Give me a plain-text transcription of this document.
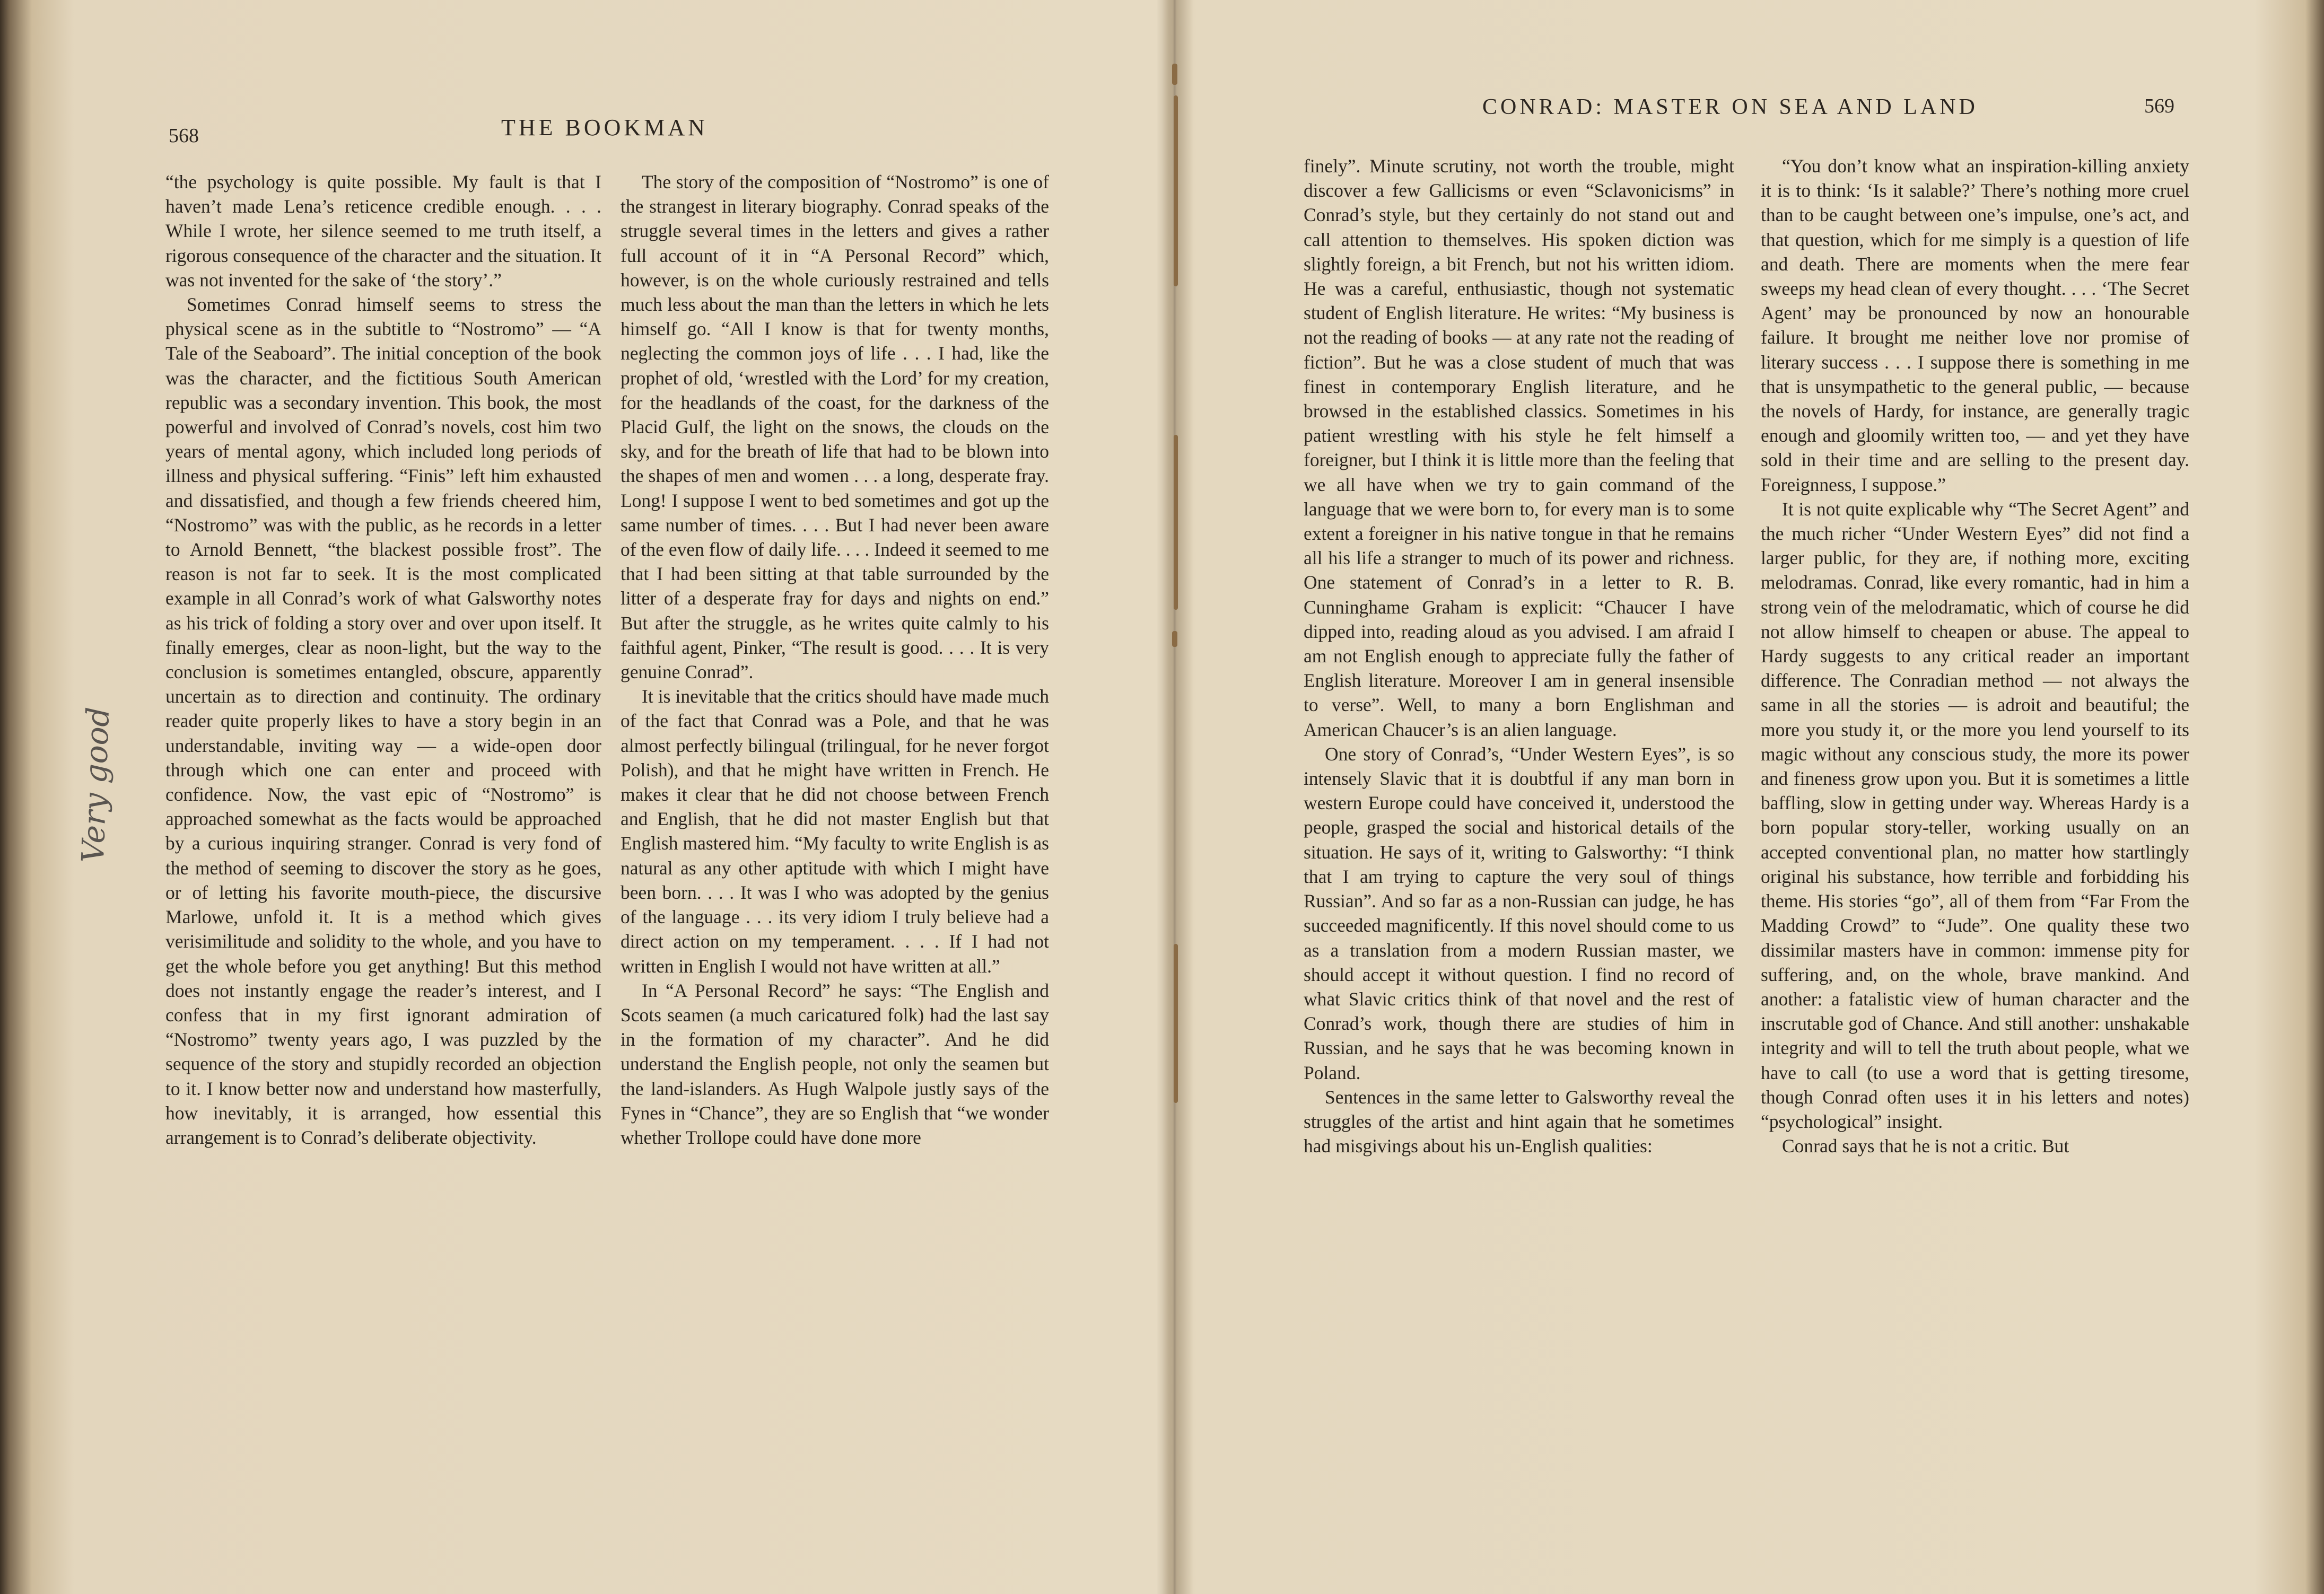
568	THE BOOKMAN
Very good

“the psychology is quite possible. My fault is that I haven’t made Lena’s reticence credible enough. . . . While I wrote, her silence seemed to me truth itself, a rigorous consequence of the character and the situation. It was not invented for the sake of ‘the story’.”

Sometimes Conrad himself seems to stress the physical scene as in the subtitle to “Nostromo” — “A Tale of the Seaboard”. The initial conception of the book was the character, and the fictitious South American republic was a secondary invention. This book, the most powerful and involved of Conrad’s novels, cost him two years of mental agony, which included long periods of illness and physical suffering. “Finis” left him exhausted and dissatisfied, and though a few friends cheered him, “Nostromo” was with the public, as he records in a letter to Arnold Bennett, “the blackest possible frost”. The reason is not far to seek. It is the most complicated example in all Conrad’s work of what Galsworthy notes as his trick of folding a story over and over upon itself. It finally emerges, clear as noon-light, but the way to the conclusion is sometimes entangled, obscure, apparently uncertain as to direction and continuity. The ordinary reader quite properly likes to have a story begin in an understandable, inviting way — a wide-open door through which one can enter and proceed with confidence. Now, the vast epic of “Nostromo” is approached somewhat as the facts would be approached by a curious inquiring stranger. Conrad is very fond of the method of seeming to discover the story as he goes, or of letting his favorite mouth-piece, the discursive Marlowe, unfold it. It is a method which gives verisimilitude and solidity to the whole, and you have to get the whole before you get anything! But this method does not instantly engage the reader’s interest, and I confess that in my first ignorant admiration of “Nostromo” twenty years ago, I was puzzled by the sequence of the story and stupidly recorded an objection to it. I know better now and understand how masterfully, how inevitably, it is arranged, how essential this arrangement is to Conrad’s deliberate objectivity.

The story of the composition of “Nostromo” is one of the strangest in literary biography. Conrad speaks of the struggle several times in the letters and gives a rather full account of it in “A Personal Record” which, however, is on the whole curiously restrained and tells much less about the man than the letters in which he lets himself go. “All I know is that for twenty months, neglecting the common joys of life . . . I had, like the prophet of old, ‘wrestled with the Lord’ for my creation, for the headlands of the coast, for the darkness of the Placid Gulf, the light on the snows, the clouds on the sky, and for the breath of life that had to be blown into the shapes of men and women . . . a long, desperate fray. Long! I suppose I went to bed sometimes and got up the same number of times. . . . But I had never been aware of the even flow of daily life. . . . Indeed it seemed to me that I had been sitting at that table surrounded by the litter of a desperate fray for days and nights on end.” But after the struggle, as he writes quite calmly to his faithful agent, Pinker, “The result is good. . . . It is very genuine Conrad”.

It is inevitable that the critics should have made much of the fact that Conrad was a Pole, and that he was almost perfectly bilingual (trilingual, for he never forgot Polish), and that he might have written in French. He makes it clear that he did not choose between French and English, that he did not master English but that English mastered him. “My faculty to write English is as natural as any other aptitude with which I might have been born. . . . It was I who was adopted by the genius of the language . . . its very idiom I truly believe had a direct action on my temperament. . . . If I had not written in English I would not have written at all.”

In “A Personal Record” he says: “The English and Scots seamen (a much caricatured folk) had the last say in the formation of my character”. And he did understand the English people, not only the seamen but the land-islanders. As Hugh Walpole justly says of the Fynes in “Chance”, they are so English that “we wonder whether Trollope could have done more

CONRAD: MASTER ON SEA AND LAND	569

finely”. Minute scrutiny, not worth the trouble, might discover a few Gallicisms or even “Sclavonicisms” in Conrad’s style, but they certainly do not stand out and call attention to themselves. His spoken diction was slightly foreign, a bit French, but not his written idiom. He was a careful, enthusiastic, though not systematic student of English literature. He writes: “My business is not the reading of books — at any rate not the reading of fiction”. But he was a close student of much that was finest in contemporary English literature, and he browsed in the established classics. Sometimes in his patient wrestling with his style he felt himself a foreigner, but I think it is little more than the feeling that we all have when we try to gain command of the language that we were born to, for every man is to some extent a foreigner in his native tongue in that he remains all his life a stranger to much of its power and richness. One statement of Conrad’s in a letter to R. B. Cunninghame Graham is explicit: “Chaucer I have dipped into, reading aloud as you advised. I am afraid I am not English enough to appreciate fully the father of English literature. Moreover I am in general insensible to verse”. Well, to many a born Englishman and American Chaucer’s is an alien language.

One story of Conrad’s, “Under Western Eyes”, is so intensely Slavic that it is doubtful if any man born in western Europe could have conceived it, understood the people, grasped the social and historical details of the situation. He says of it, writing to Galsworthy: “I think that I am trying to capture the very soul of things Russian”. And so far as a non-Russian can judge, he has succeeded magnificently. If this novel should come to us as a translation from a modern Russian master, we should accept it without question. I find no record of what Slavic critics think of that novel and the rest of Conrad’s work, though there are studies of him in Russian, and he says that he was becoming known in Poland.

Sentences in the same letter to Galsworthy reveal the struggles of the artist and hint again that he sometimes had misgivings about his un-English qualities:

“You don’t know what an inspiration-killing anxiety it is to think: ‘Is it salable?’ There’s nothing more cruel than to be caught between one’s impulse, one’s act, and that question, which for me simply is a question of life and death. There are moments when the mere fear sweeps my head clean of every thought. . . . ‘The Secret Agent’ may be pronounced by now an honourable failure. It brought me neither love nor promise of literary success . . . I suppose there is something in me that is unsympathetic to the general public, — because the novels of Hardy, for instance, are generally tragic enough and gloomily written too, — and yet they have sold in their time and are selling to the present day. Foreignness, I suppose.”

It is not quite explicable why “The Secret Agent” and the much richer “Under Western Eyes” did not find a larger public, for they are, if nothing more, exciting melodramas. Conrad, like every romantic, had in him a strong vein of the melodramatic, which of course he did not allow himself to cheapen or abuse. The appeal to Hardy suggests to any critical reader an important difference. The Conradian method — not always the same in all the stories — is adroit and beautiful; the more you study it, or the more you lend yourself to its magic without any conscious study, the more its power and fineness grow upon you. But it is sometimes a little baffling, slow in getting under way. Whereas Hardy is a born popular story-teller, working usually on an accepted conventional plan, no matter how startlingly original his substance, how terrible and forbidding his theme. His stories “go”, all of them from “Far From the Madding Crowd” to “Jude”. One quality these two dissimilar masters have in common: immense pity for suffering, and, on the whole, brave mankind. And another: a fatalistic view of human character and the inscrutable god of Chance. And still another: unshakable integrity and will to tell the truth about people, what we have to call (to use a word that is getting tiresome, though Conrad often uses it in his letters and notes) “psychological” insight.

Conrad says that he is not a critic. But
